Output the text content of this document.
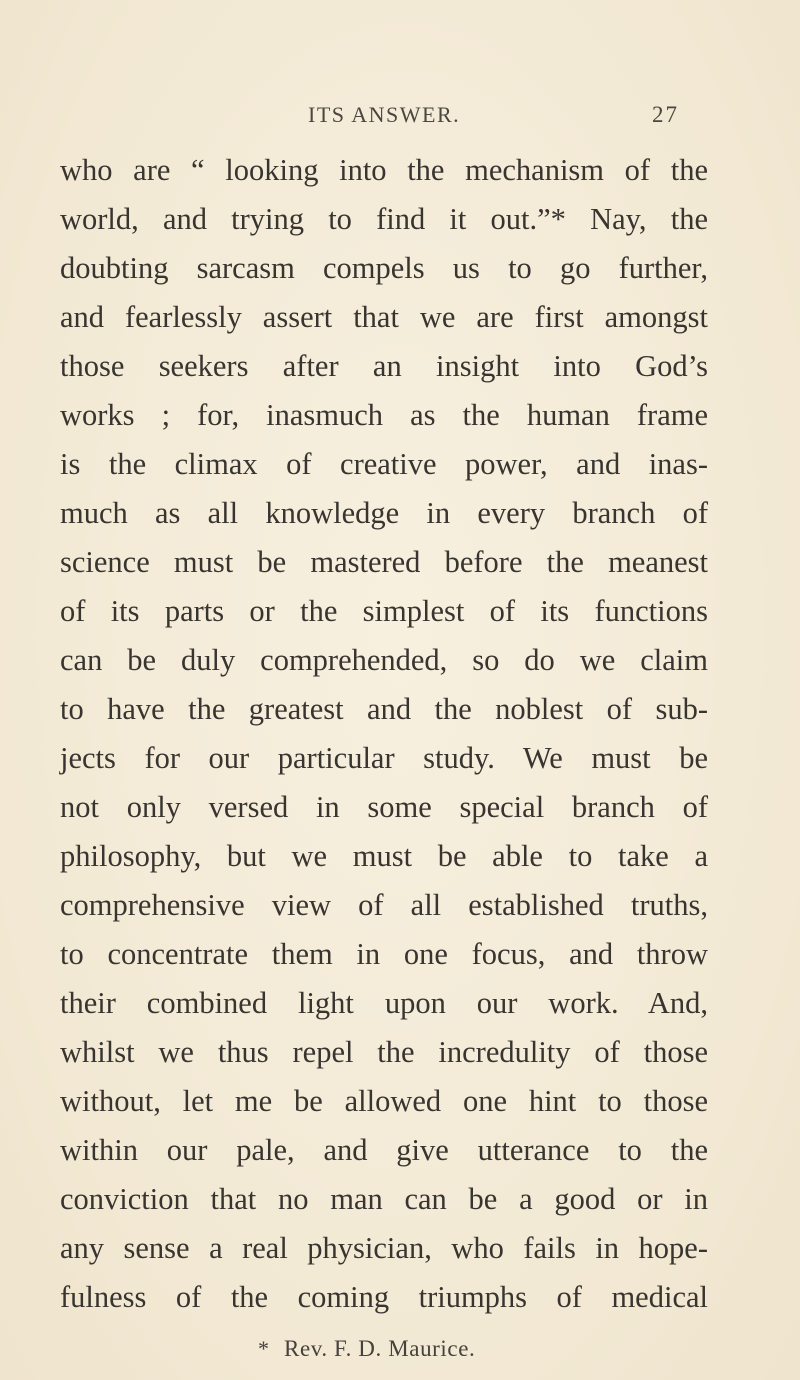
ITS ANSWER.	27
who are “ looking into the mechanism of the
world, and trying to find it out.”* Nay, the
doubting sarcasm compels us to go further,
and fearlessly assert that we are first amongst
those seekers after an insight into God’s
works ; for, inasmuch as the human frame
is the climax of creative power, and inas-
much as all knowledge in every branch of
science must be mastered before the meanest
of its parts or the simplest of its functions
can be duly comprehended, so do we claim
to have the greatest and the noblest of sub-
jects for our particular study. We must be
not only versed in some special branch of
philosophy, but we must be able to take a
comprehensive view of all established truths,
to concentrate them in one focus, and throw
their combined light upon our work. And,
whilst we thus repel the incredulity of those
without, let me be allowed one hint to those
within our pale, and give utterance to the
conviction that no man can be a good or in
any sense a real physician, who fails in hope-
fulness of the coming triumphs of medical
* Rev. F. D. Maurice.
